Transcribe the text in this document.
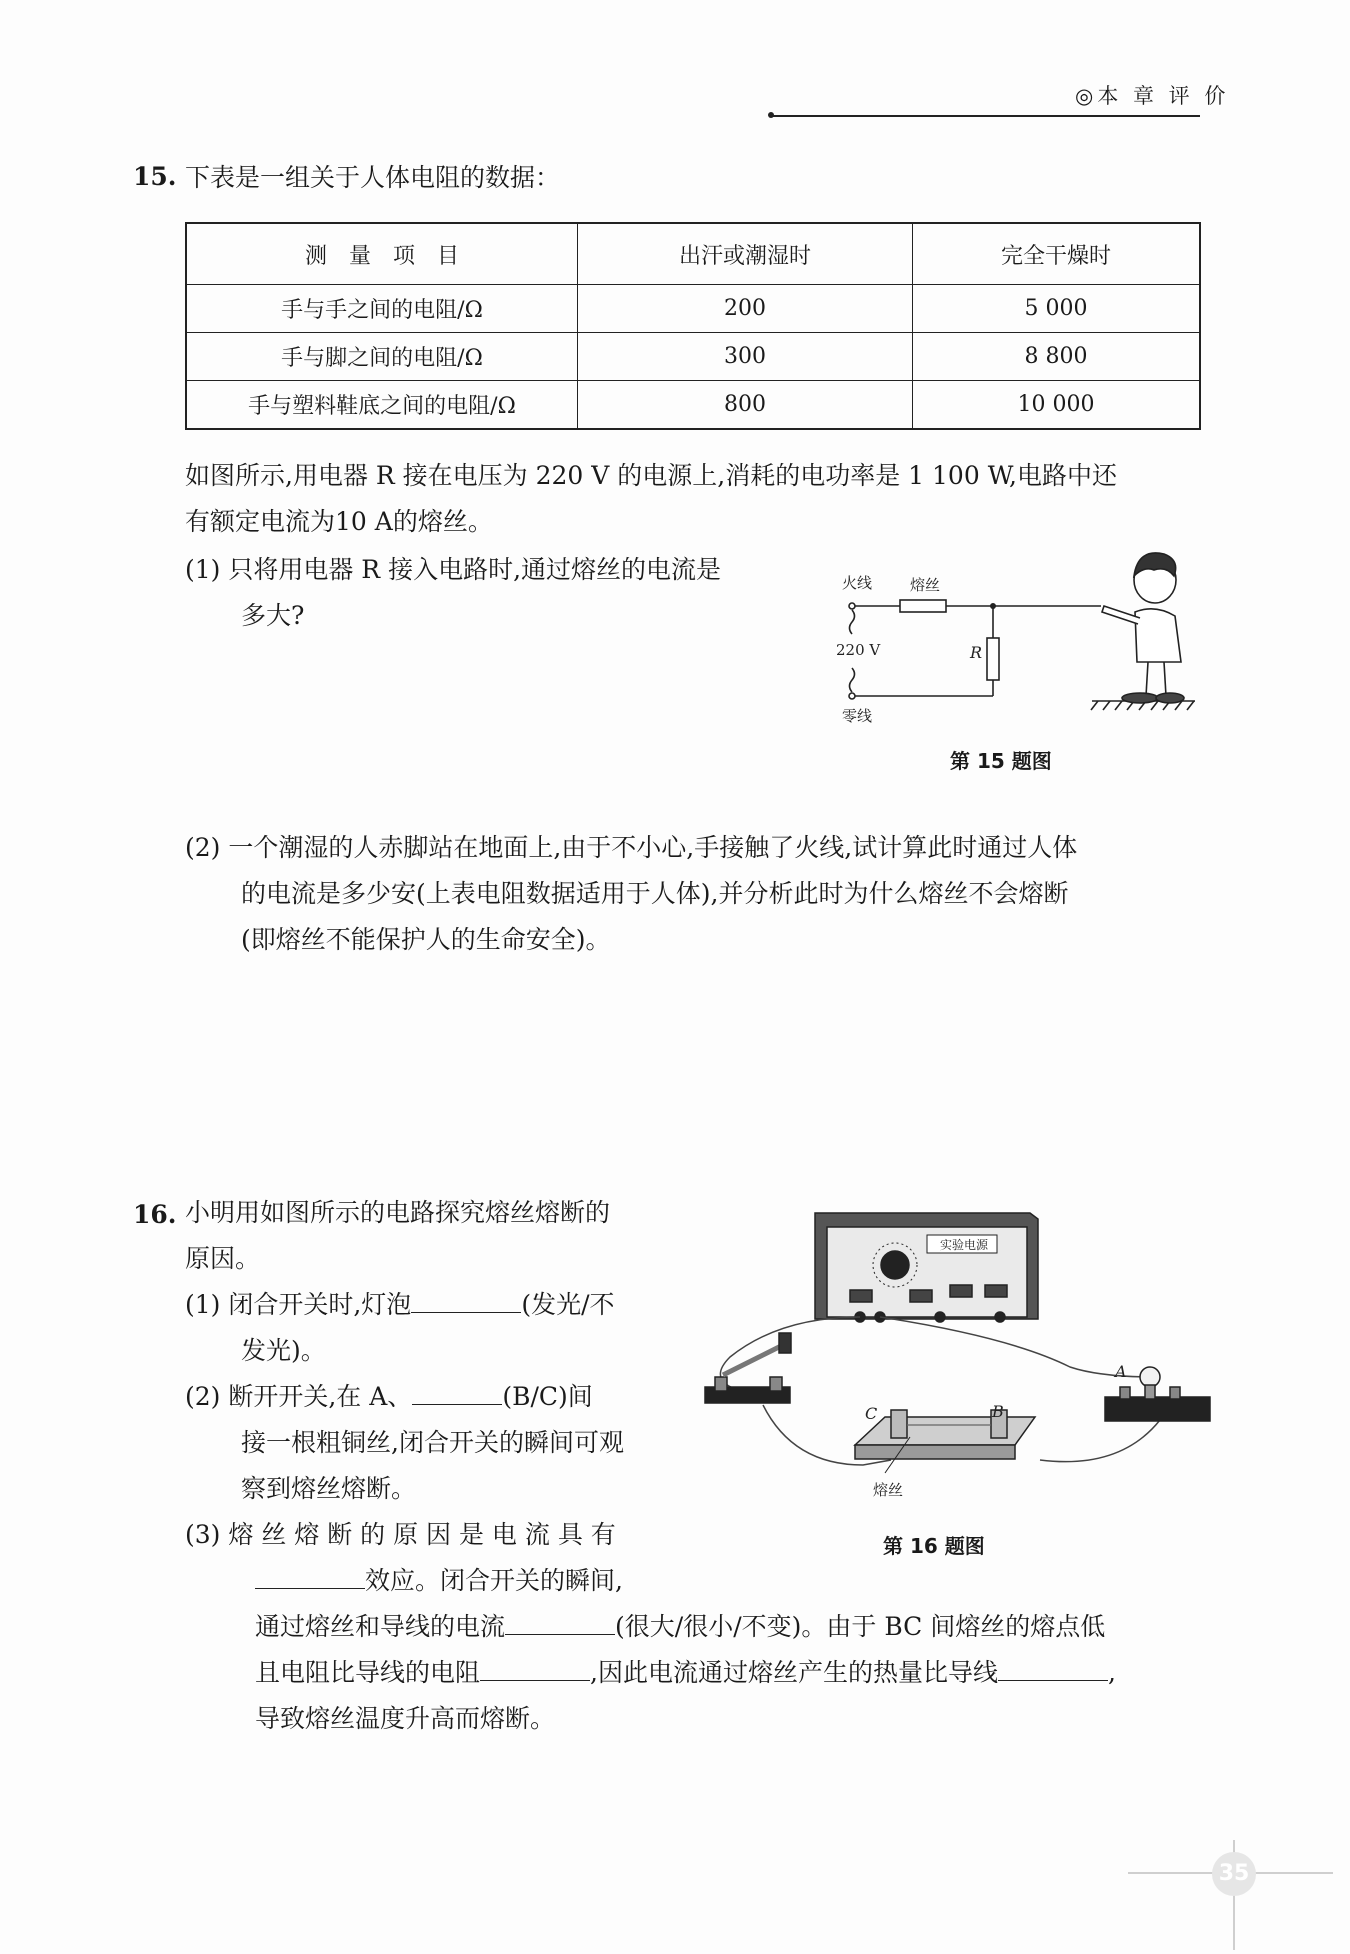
◎本 章 评 价
15. 下表是一组关于人体电阻的数据：
测　量　项　目	出汗或潮湿时	完全干燥时
手与手之间的电阻/Ω	200	5 000
手与脚之间的电阻/Ω	300	8 800
手与塑料鞋底之间的电阻/Ω	800	10 000
如图所示,用电器 R 接在电压为 220 V 的电源上,消耗的电功率是 1 100 W,电路中还
有额定电流为10 A的熔丝。
(1) 只将用电器 R 接入电路时,通过熔丝的电流是
多大?
火线	熔丝
220 V	R
零线
第 15 题图
(2) 一个潮湿的人赤脚站在地面上,由于不小心,手接触了火线,试计算此时通过人体
的电流是多少安(上表电阻数据适用于人体),并分析此时为什么熔丝不会熔断
(即熔丝不能保护人的生命安全)。
16. 小明用如图所示的电路探究熔丝熔断的
原因。
(1) 闭合开关时,灯泡	(发光/不
发光)。
(2) 断开开关,在 A、	(B/C)间
接一根粗铜丝,闭合开关的瞬间可观
察到熔丝熔断。
(3) 熔 丝 熔 断 的 原 因 是 电 流 具 有
效应。闭合开关的瞬间,
通过熔丝和导线的电流	(很大/很小/不变)。由于 BC 间熔丝的熔点低
且电阻比导线的电阻	,因此电流通过熔丝产生的热量比导线	,
导致熔丝温度升高而熔断。
实验电源
A
C	B
熔丝
第 16 题图
35
